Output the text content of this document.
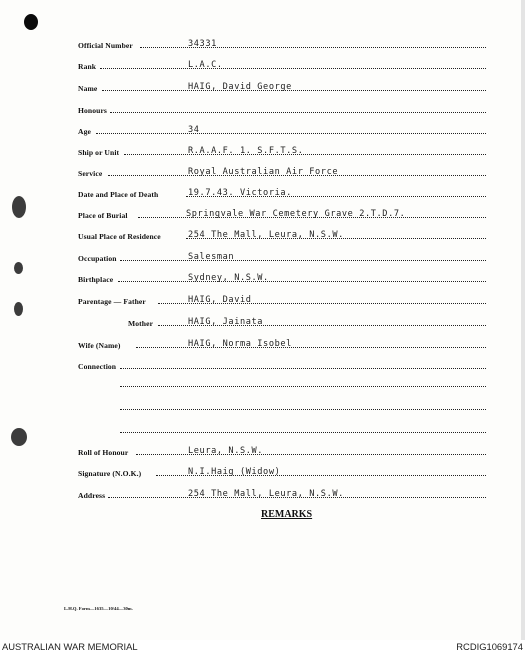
Official Number	34331
Rank	L.A.C.
Name	HAIG, David George
Honours
Age	34
Ship or Unit	R.A.A.F. 1. S.F.T.S.
Service	Royal Australian Air Force
Date and Place of Death	19.7.43. Victoria.
Place of Burial	Springvale War Cemetery Grave 2.T.D.7.
Usual Place of Residence	254 The Mall, Leura, N.S.W.
Occupation	Salesman
Birthplace	Sydney, N.S.W.
Parentage — Father	HAIG, David
Mother	HAIG, Jainata
Wife (Name)	HAIG, Norma Isobel
Connection
Roll of Honour	Leura, N.S.W.
Signature (N.O.K.)	N.I.Haig (Widow)
Address	254 The Mall, Leura, N.S.W.
REMARKS
L.H.Q. Form—1635—10/44—30m.
AUSTRALIAN WAR MEMORIAL	RCDIG1069174
